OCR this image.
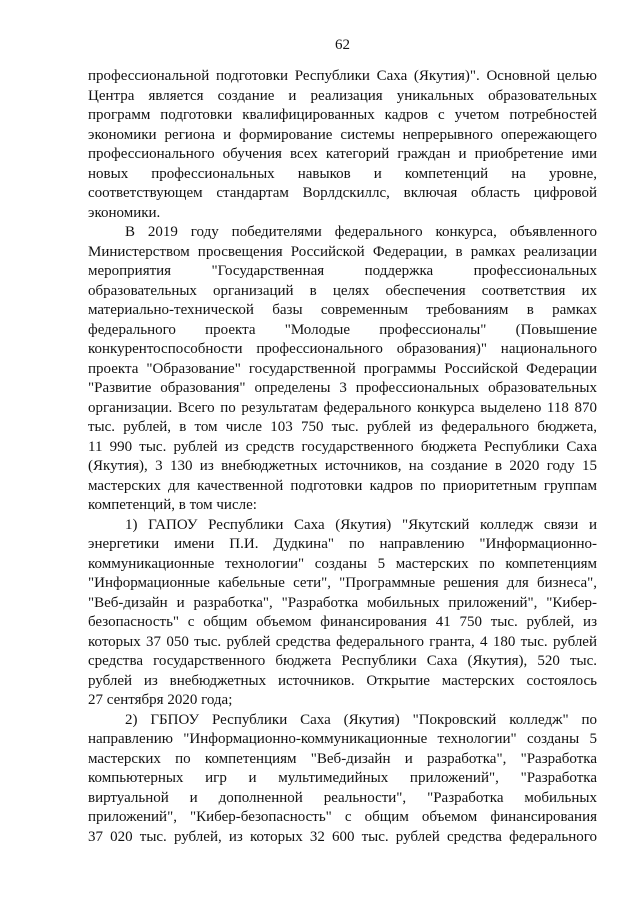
62
профессиональной подготовки Республики Саха (Якутия)". Основной целью
Центра является создание и реализация уникальных образовательных
программ подготовки квалифицированных кадров с учетом потребностей
экономики региона и формирование системы непрерывного опережающего
профессионального обучения всех категорий граждан и приобретение ими
новых профессиональных навыков и компетенций на уровне,
соответствующем стандартам Ворлдскиллс, включая область цифровой
экономики.
В 2019 году победителями федерального конкурса, объявленного
Министерством просвещения Российской Федерации, в рамках реализации
мероприятия "Государственная поддержка профессиональных
образовательных организаций в целях обеспечения соответствия их
материально-технической базы современным требованиям в рамках
федерального проекта "Молодые профессионалы" (Повышение
конкурентоспособности профессионального образования)" национального
проекта "Образование" государственной программы Российской Федерации
"Развитие образования" определены 3 профессиональных образовательных
организации. Всего по результатам федерального конкурса выделено 118 870
тыс. рублей, в том числе 103 750 тыс. рублей из федерального бюджета,
11 990 тыс. рублей из средств государственного бюджета Республики Саха
(Якутия), 3 130 из внебюджетных источников, на создание в 2020 году 15
мастерских для качественной подготовки кадров по приоритетным группам
компетенций, в том числе:
1) ГАПОУ Республики Саха (Якутия) "Якутский колледж связи и
энергетики имени П.И. Дудкина" по направлению "Информационно-
коммуникационные технологии" созданы 5 мастерских по компетенциям
"Информационные кабельные сети", "Программные решения для бизнеса",
"Веб-дизайн и разработка", "Разработка мобильных приложений", "Кибер-
безопасность" с общим объемом финансирования 41 750 тыс. рублей, из
которых 37 050 тыс. рублей средства федерального гранта, 4 180 тыс. рублей
средства государственного бюджета Республики Саха (Якутия), 520 тыс.
рублей из внебюджетных источников. Открытие мастерских состоялось
27 сентября 2020 года;
2) ГБПОУ Республики Саха (Якутия) "Покровский колледж" по
направлению "Информационно-коммуникационные технологии" созданы 5
мастерских по компетенциям "Веб-дизайн и разработка", "Разработка
компьютерных игр и мультимедийных приложений", "Разработка
виртуальной и дополненной реальности", "Разработка мобильных
приложений", "Кибер-безопасность" с общим объемом финансирования
37 020 тыс. рублей, из которых 32 600 тыс. рублей средства федерального
